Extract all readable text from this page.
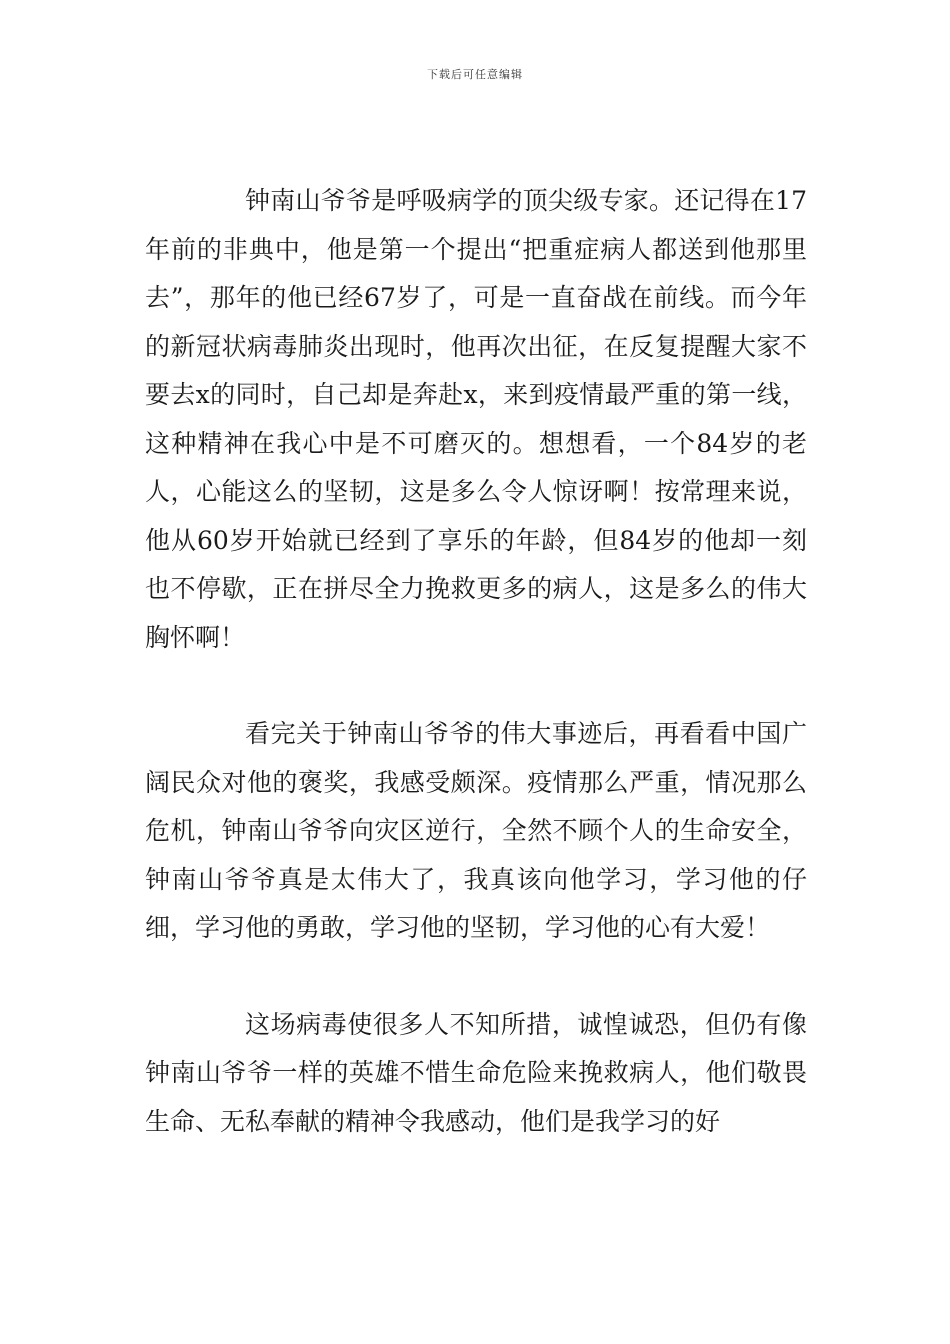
下载后可任意编辑

钟南山爷爷是呼吸病学的顶尖级专家。还记得在17年前的非典中，他是第一个提出“把重症病人都送到他那里去”，那年的他已经67岁了，可是一直奋战在前线。而今年的新冠状病毒肺炎出现时，他再次出征，在反复提醒大家不要去x的同时，自己却是奔赴x，来到疫情最严重的第一线，这种精神在我心中是不可磨灭的。想想看，一个84岁的老人，心能这么的坚韧，这是多么令人惊讶啊！按常理来说，他从60岁开始就已经到了享乐的年龄，但84岁的他却一刻也不停歇，正在拼尽全力挽救更多的病人，这是多么的伟大胸怀啊！

看完关于钟南山爷爷的伟大事迹后，再看看中国广阔民众对他的褒奖，我感受颇深。疫情那么严重，情况那么危机，钟南山爷爷向灾区逆行，全然不顾个人的生命安全，钟南山爷爷真是太伟大了，我真该向他学习，学习他的仔细，学习他的勇敢，学习他的坚韧，学习他的心有大爱！

这场病毒使很多人不知所措，诚惶诚恐，但仍有像钟南山爷爷一样的英雄不惜生命危险来挽救病人，他们敬畏生命、无私奉献的精神令我感动，他们是我学习的好
